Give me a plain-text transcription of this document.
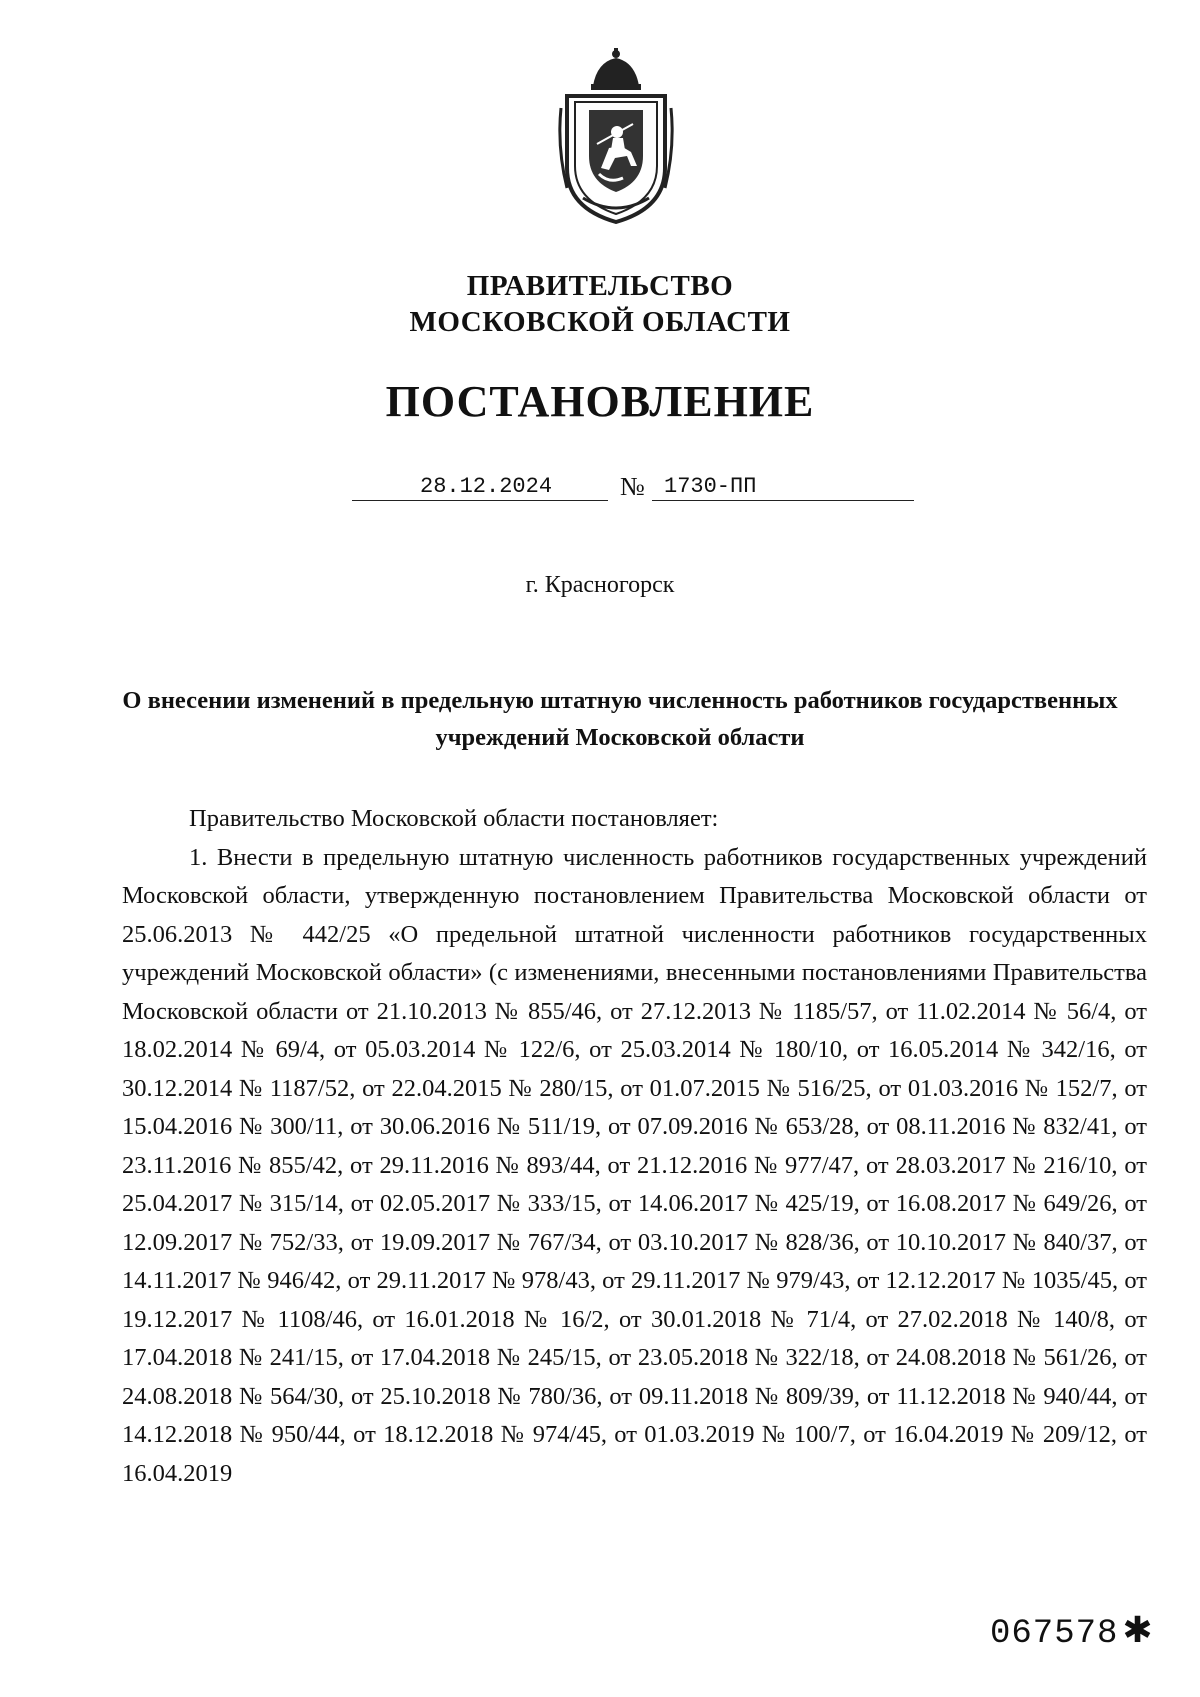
ПРАВИТЕЛЬСТВО
МОСКОВСКОЙ ОБЛАСТИ
ПОСТАНОВЛЕНИЕ
28.12.2024	№ 1730-ПП
г. Красногорск
О внесении изменений в предельную штатную численность работников государственных учреждений Московской области

Правительство Московской области постановляет:

1. Внести в предельную штатную численность работников государственных учреждений Московской области, утвержденную постановлением Правительства Московской области от 25.06.2013 № 442/25 «О предельной штатной численности работников государственных учреждений Московской области» (с изменениями, внесенными постановлениями Правительства Московской области от 21.10.2013 № 855/46, от 27.12.2013 № 1185/57, от 11.02.2014 № 56/4, от 18.02.2014 № 69/4, от 05.03.2014 № 122/6, от 25.03.2014 № 180/10, от 16.05.2014 № 342/16, от 30.12.2014 № 1187/52, от 22.04.2015 № 280/15, от 01.07.2015 № 516/25, от 01.03.2016 № 152/7, от 15.04.2016 № 300/11, от 30.06.2016 № 511/19, от 07.09.2016 № 653/28, от 08.11.2016 № 832/41, от 23.11.2016 № 855/42, от 29.11.2016 № 893/44, от 21.12.2016 № 977/47, от 28.03.2017 № 216/10, от 25.04.2017 № 315/14, от 02.05.2017 № 333/15, от 14.06.2017 № 425/19, от 16.08.2017 № 649/26, от 12.09.2017 № 752/33, от 19.09.2017 № 767/34, от 03.10.2017 № 828/36, от 10.10.2017 № 840/37, от 14.11.2017 № 946/42, от 29.11.2017 № 978/43, от 29.11.2017 № 979/43, от 12.12.2017 № 1035/45, от 19.12.2017 № 1108/46, от 16.01.2018 № 16/2, от 30.01.2018 № 71/4, от 27.02.2018 № 140/8, от 17.04.2018 № 241/15, от 17.04.2018 № 245/15, от 23.05.2018 № 322/18, от 24.08.2018 № 561/26, от 24.08.2018 № 564/30, от 25.10.2018 № 780/36, от 09.11.2018 № 809/39, от 11.12.2018 № 940/44, от 14.12.2018 № 950/44, от 18.12.2018 № 974/45, от 01.03.2019 № 100/7, от 16.04.2019 № 209/12, от 16.04.2019

067578 ✱
